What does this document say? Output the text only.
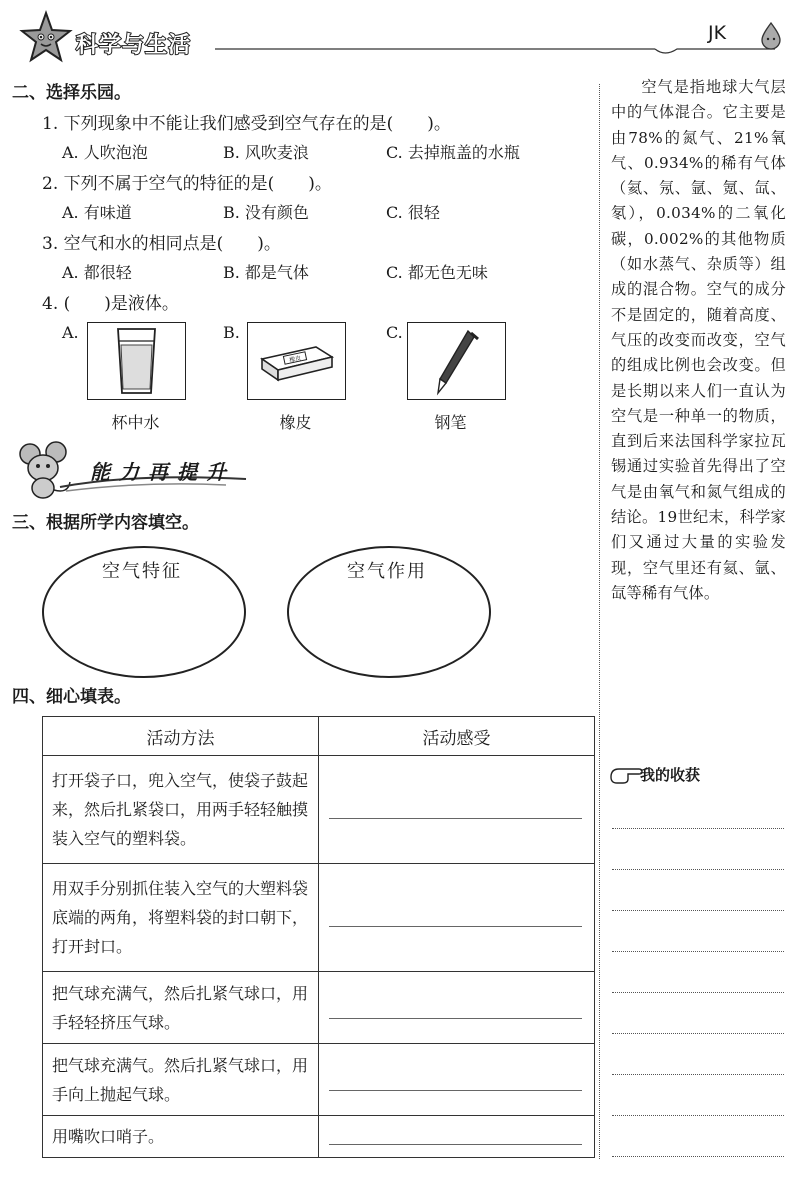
科学与生活	JK
二、选择乐园。
1. 下列现象中不能让我们感受到空气存在的是(　　)。
A. 人吹泡泡	B. 风吹麦浪	C. 去掉瓶盖的水瓶
2. 下列不属于空气的特征的是(　　)。
A. 有味道	B. 没有颜色	C. 很轻
3. 空气和水的相同点是(　　)。
A. 都很轻	B. 都是气体	C. 都无色无味
4. (　　)是液体。
A.	B.
橡皮
C.
杯中水	橡皮	钢笔
能力再提升
三、根据所学内容填空。
空气特征	空气作用
四、细心填表。
活动方法	活动感受
打开袋子口，兜入空气，使袋子鼓起来，然后扎紧袋口，用两手轻轻触摸装入空气的塑料袋。	

用双手分别抓住装入空气的大塑料袋底端的两角，将塑料袋的封口朝下，打开封口。	

把气球充满气，然后扎紧气球口，用手轻轻挤压气球。	

把气球充满气。然后扎紧气球口，用手向上抛起气球。	

用嘴吹口哨子。	
空气是指地球大气层中的气体混合。它主要是由78%的氮气、21%氧气、0.934%的稀有气体（氦、氖、氩、氪、氙、氡），0.034%的二氧化碳，0.002%的其他物质（如水蒸气、杂质等）组成的混合物。空气的成分不是固定的，随着高度、气压的改变而改变，空气的组成比例也会改变。但是长期以来人们一直认为空气是一种单一的物质，直到后来法国科学家拉瓦锡通过实验首先得出了空气是由氧气和氮气组成的结论。19世纪末，科学家们又通过大量的实验发现，空气里还有氦、氩、氙等稀有气体。
我的收获
